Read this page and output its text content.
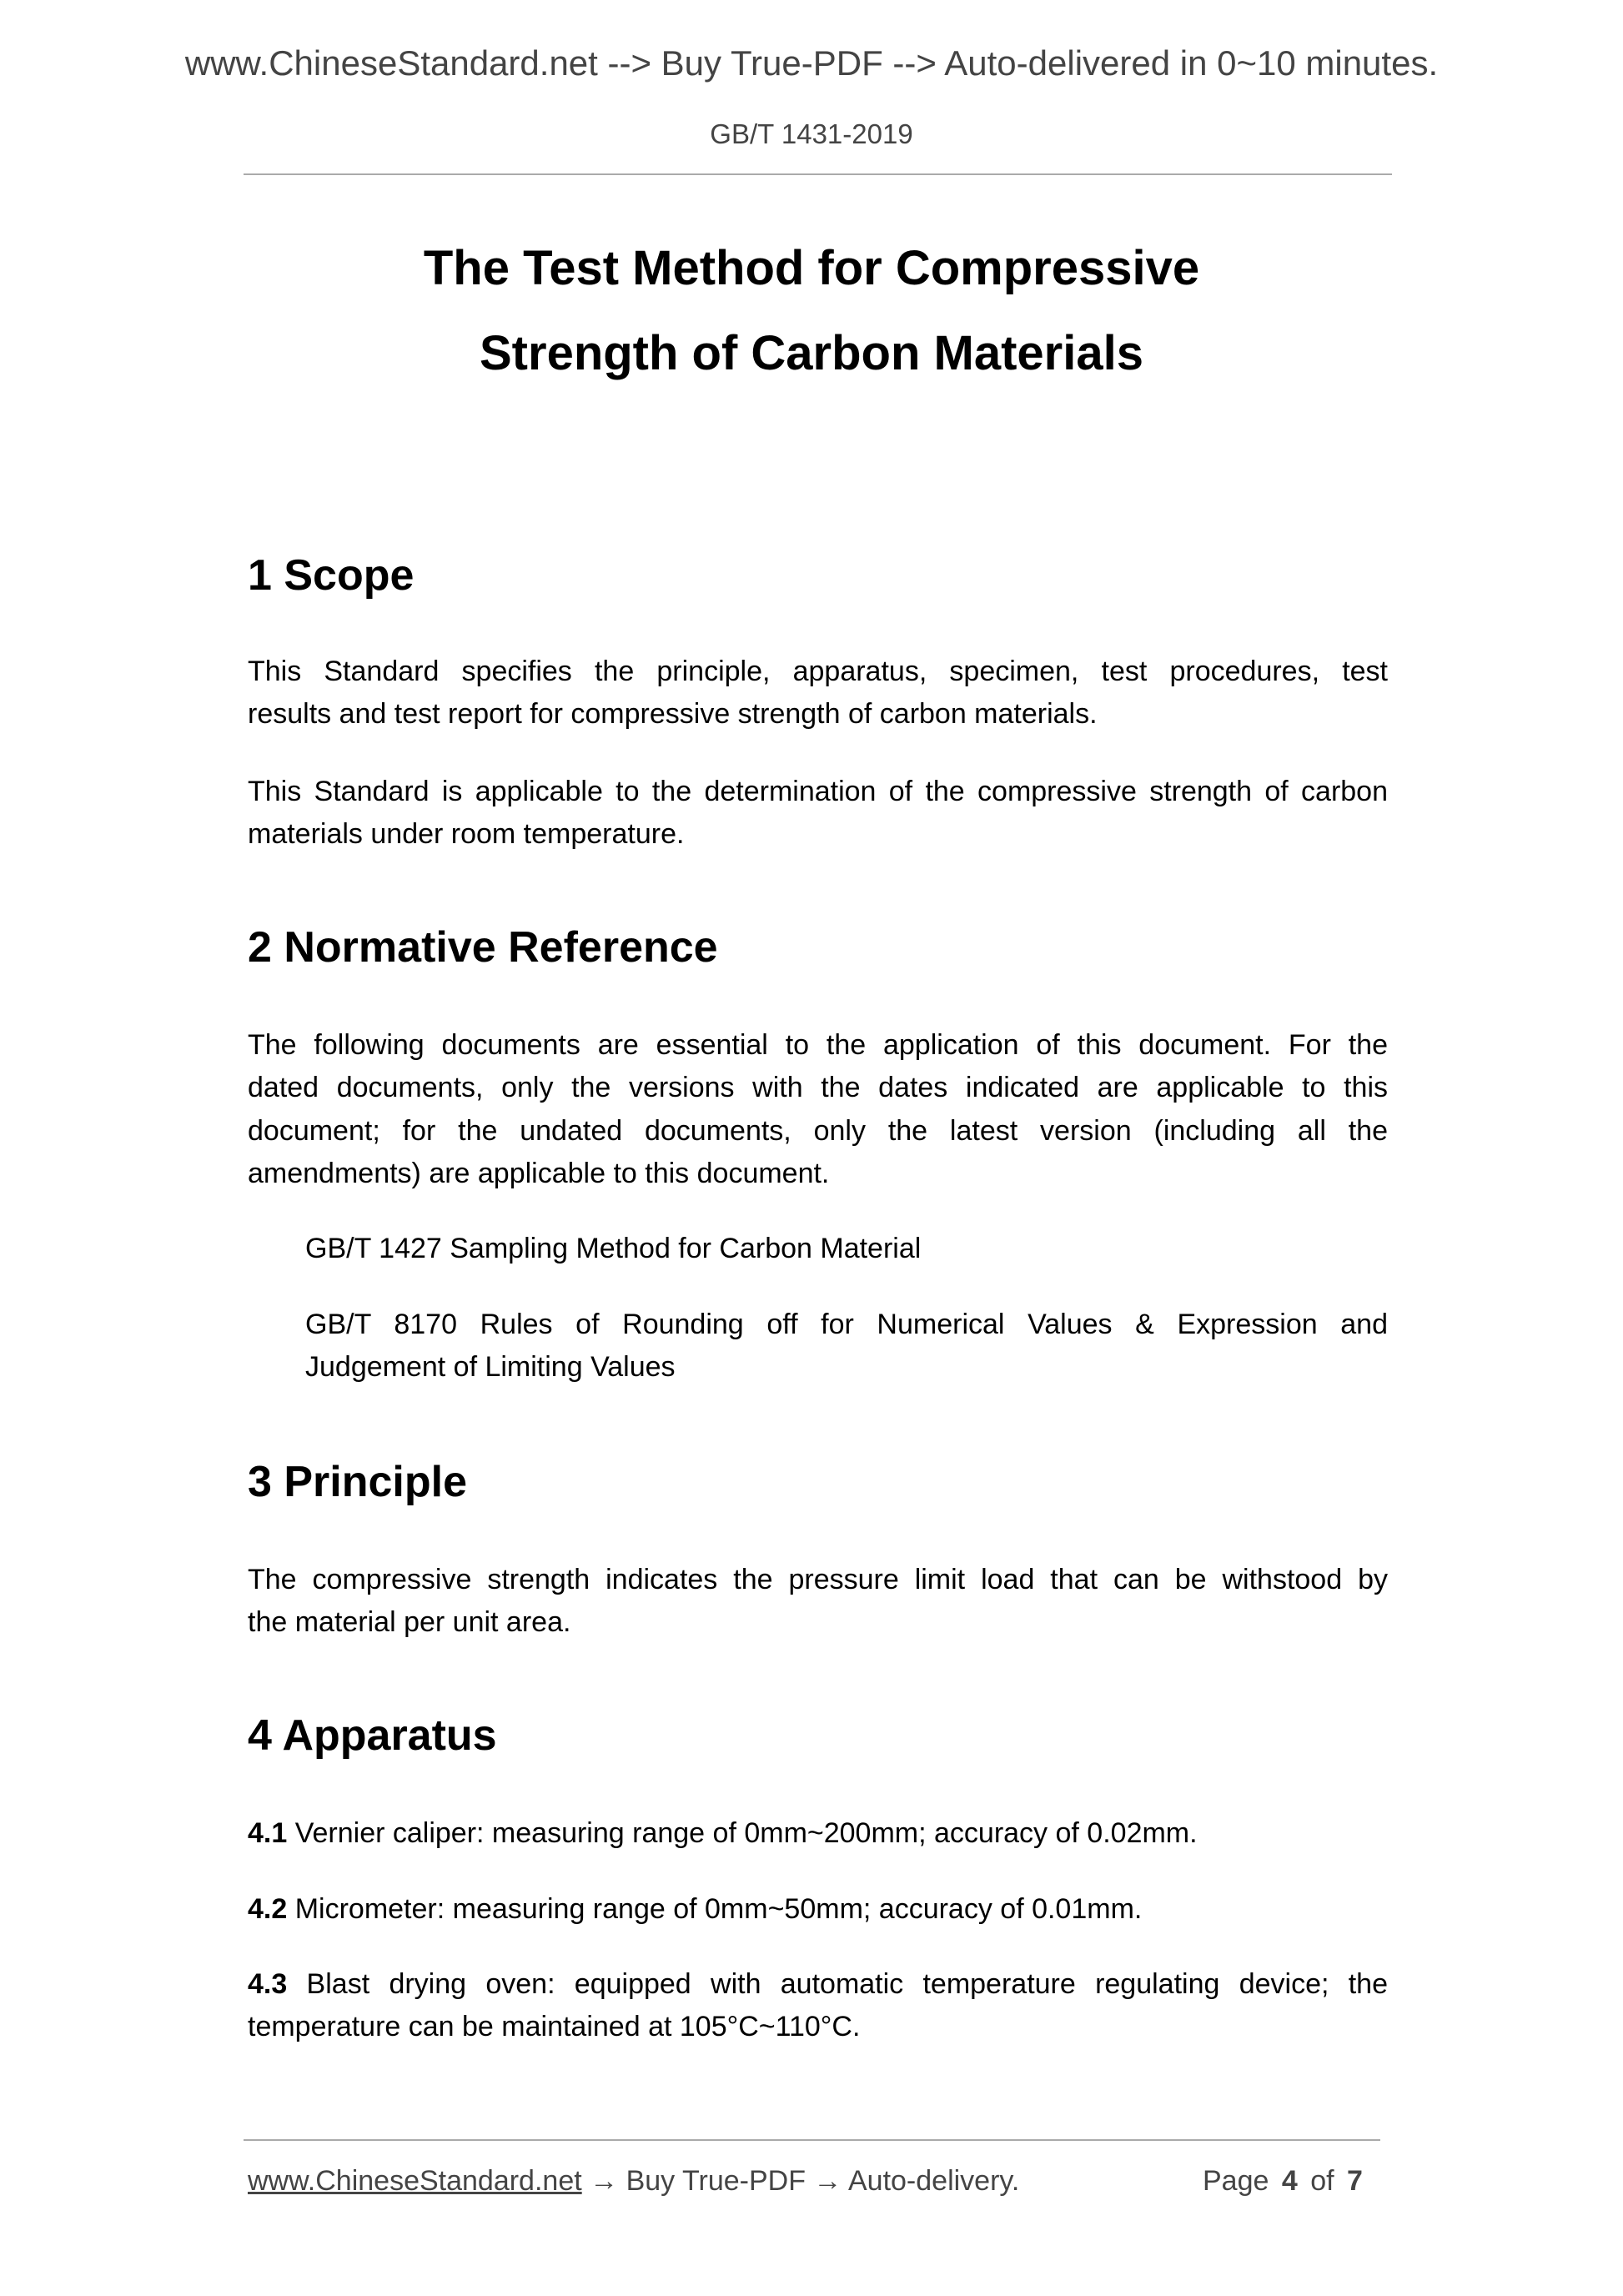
www.ChineseStandard.net --> Buy True-PDF --> Auto-delivered in 0~10 minutes.
GB/T 1431-2019
The Test Method for Compressive
Strength of Carbon Materials
1 Scope
This Standard specifies the principle, apparatus, specimen, test procedures, test
results and test report for compressive strength of carbon materials.
This Standard is applicable to the determination of the compressive strength of carbon
materials under room temperature.
2 Normative Reference
The following documents are essential to the application of this document. For the
dated documents, only the versions with the dates indicated are applicable to this
document; for the undated documents, only the latest version (including all the
amendments) are applicable to this document.
GB/T 1427 Sampling Method for Carbon Material
GB/T 8170 Rules of Rounding off for Numerical Values & Expression and
Judgement of Limiting Values
3 Principle
The compressive strength indicates the pressure limit load that can be withstood by
the material per unit area.
4 Apparatus
4.1 Vernier caliper: measuring range of 0mm~200mm; accuracy of 0.02mm.
4.2 Micrometer: measuring range of 0mm~50mm; accuracy of 0.01mm.
4.3 Blast drying oven: equipped with automatic temperature regulating device; the
temperature can be maintained at 105°C~110°C.
www.ChineseStandard.net → Buy True-PDF → Auto-delivery.	Page 4 of 7
